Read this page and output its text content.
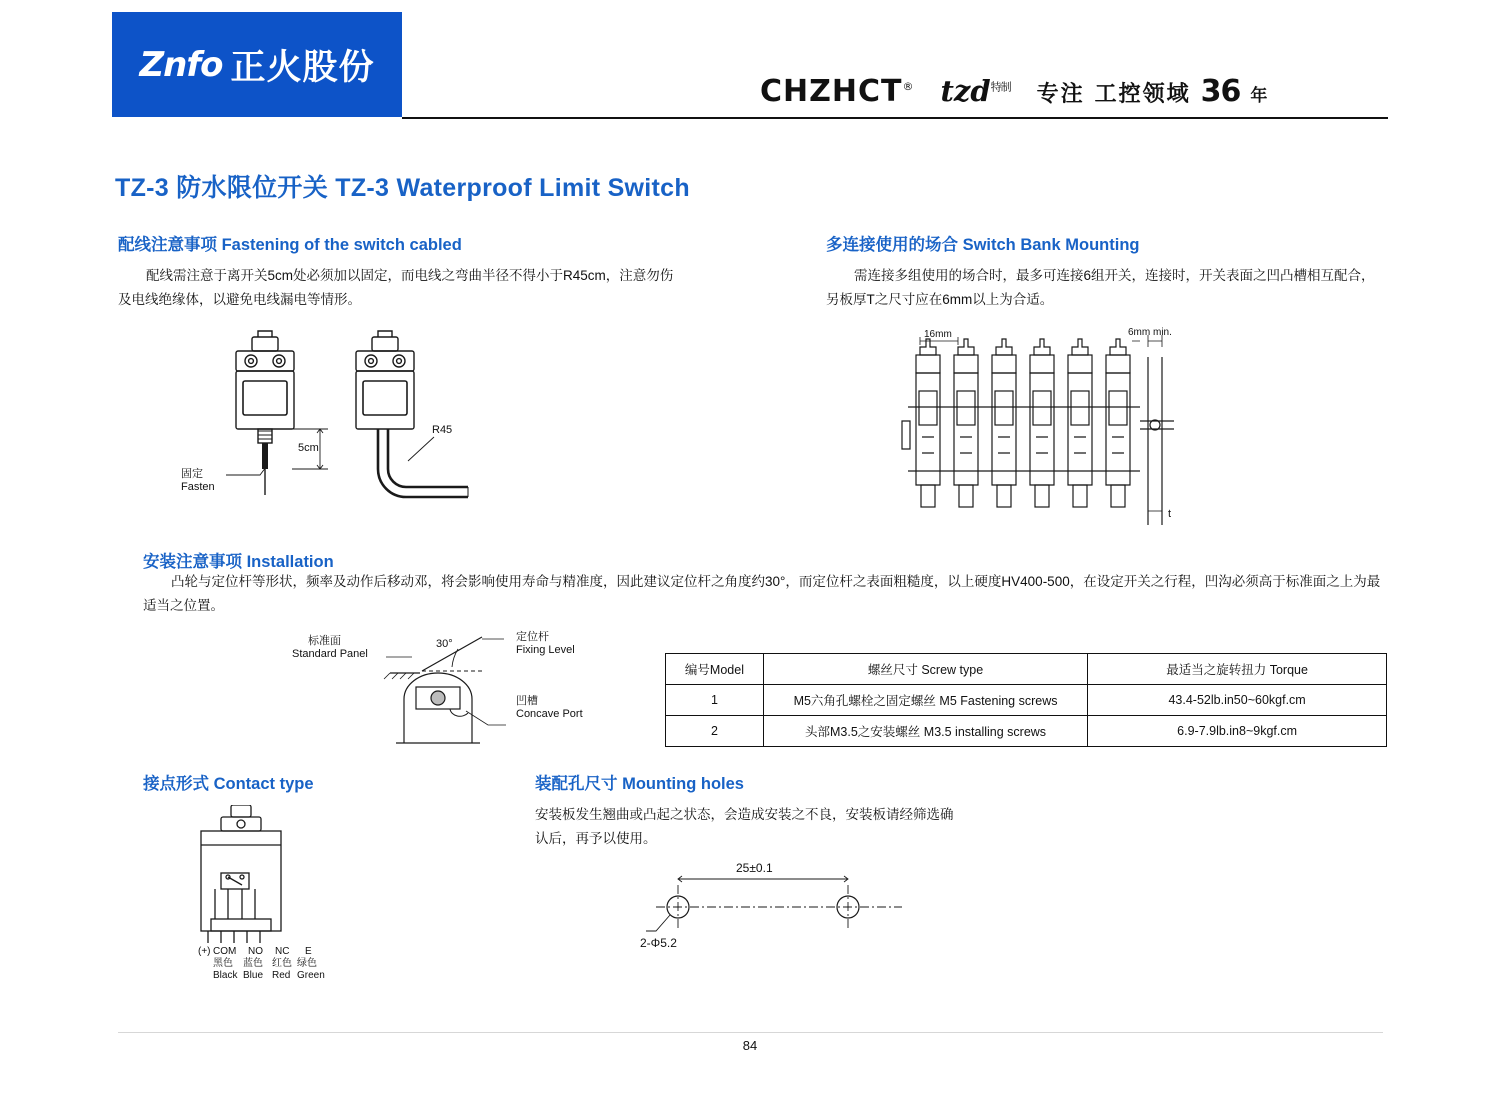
Znfo 正火股份
CHZHCT® tzd$^{特制}$ 专注 工控领域 36 年
TZ-3 防水限位开关 TZ-3 Waterproof Limit Switch
配线注意事项 Fastening of the switch cabled
配线需注意于离开关5cm处必须加以固定，而电线之弯曲半径不得小于R45cm，注意勿伤及电线绝缘体，以避免电线漏电等情形。
R45
固定
Fasten
5cm
多连接使用的场合 Switch Bank Mounting
需连接多组使用的场合时，最多可连接6组开关，连接时，开关表面之凹凸槽相互配合，另板厚T之尺寸应在6mm以上为合适。
16mm	6mm min.
t
安装注意事项 Installation
凸轮与定位杆等形状，频率及动作后移动邓，将会影响使用寿命与精准度，因此建议定位杆之角度约30°，而定位杆之表面粗糙度，以上硬度HV400-500，在设定开关之行程，凹沟必须高于标准面之上为最适当之位置。
30°
标准面
Standard Panel
定位杆
Fixing Level
凹槽
Concave Port
编号Model	螺丝尺寸 Screw type	最适当之旋转扭力 Torque
1	M5六角孔螺栓之固定螺丝 M5 Fastening screws	43.4-52lb.in50~60kgf.cm
2	头部M3.5之安装螺丝 M3.5 installing screws	6.9-7.9lb.in8~9kgf.cm
接点形式 Contact type
(+) COM
黑色
Black
NO
蓝色
Blue
NC
红色
Red
E
绿色
Green
装配孔尺寸 Mounting holes
安装板发生翘曲或凸起之状态，会造成安装之不良，安装板请经筛选确认后，再予以使用。
25±0.1
2-Φ5.2
84
